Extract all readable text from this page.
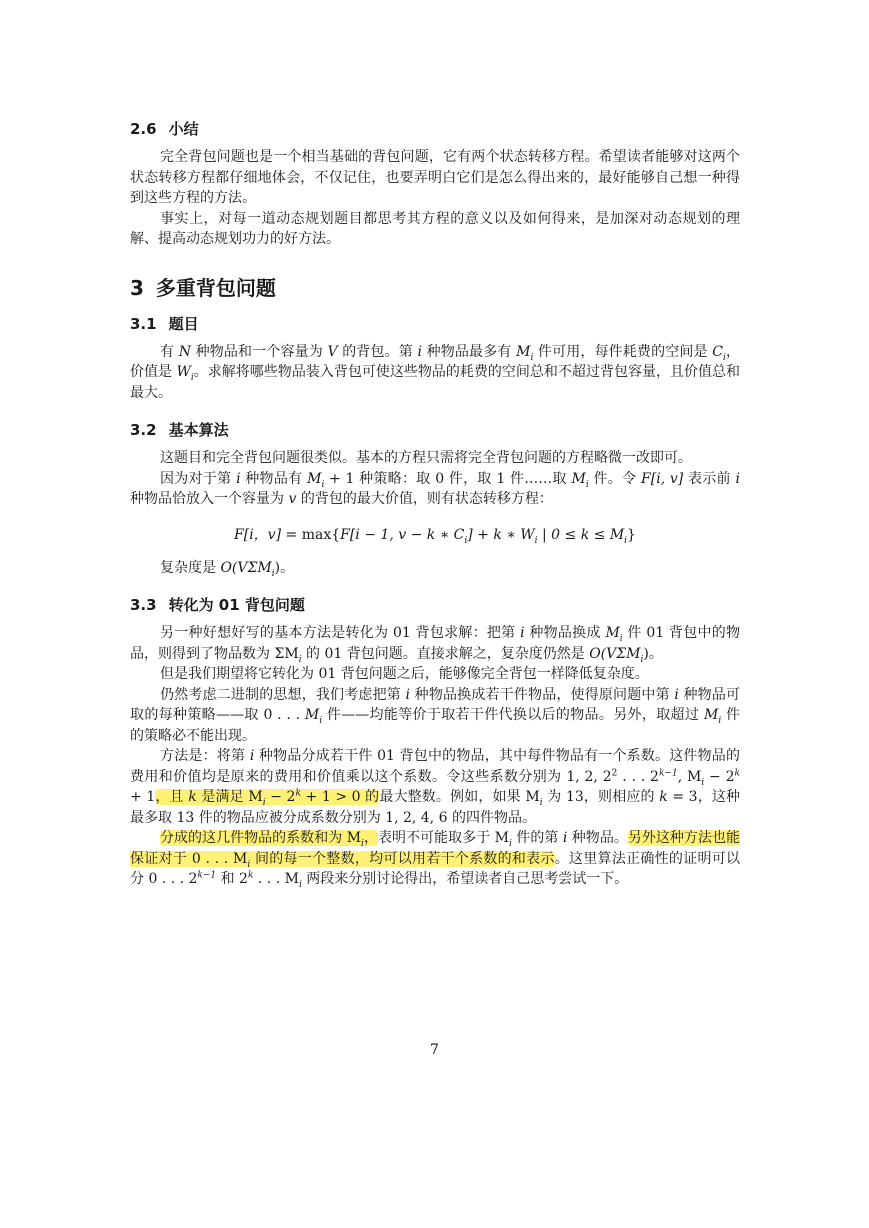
2.6 小结

完全背包问题也是一个相当基础的背包问题，它有两个状态转移方程。希望读者能够对这两个状态转移方程都仔细地体会，不仅记住，也要弄明白它们是怎么得出来的，最好能够自己想一种得到这些方程的方法。

事实上，对每一道动态规划题目都思考其方程的意义以及如何得来，是加深对动态规划的理解、提高动态规划功力的好方法。

3 多重背包问题
3.1 题目

有 N 种物品和一个容量为 V 的背包。第 i 种物品最多有 $M_i$ 件可用，每件耗费的空间是 $C_i$，价值是 $W_i$。求解将哪些物品装入背包可使这些物品的耗费的空间总和不超过背包容量，且价值总和最大。

3.2 基本算法

这题目和完全背包问题很类似。基本的方程只需将完全背包问题的方程略微一改即可。

因为对于第 i 种物品有 $M_i + 1$ 种策略：取 0 件，取 1 件……取 $M_i$ 件。令 F[i, v] 表示前 i 种物品恰放入一个容量为 v 的背包的最大价值，则有状态转移方程：

F[i，v] = max{F[i − 1, v − k ∗ $C_i] + k$ ∗ $W_i$ | $0 \le k \le M_i$}

复杂度是 $O(V\Sigma M_i)$。

3.3 转化为 01 背包问题

另一种好想好写的基本方法是转化为 01 背包求解：把第 i 种物品换成 $M_i$ 件 01 背包中的物品，则得到了物品数为 $\Sigma M_i$ 的 01 背包问题。直接求解之，复杂度仍然是 $O(V\Sigma M_i)$。

但是我们期望将它转化为 01 背包问题之后，能够像完全背包一样降低复杂度。

仍然考虑二进制的思想，我们考虑把第 i 种物品换成若干件物品，使得原问题中第 i 种物品可取的每种策略——取 0 . . . $M_i$ 件——均能等价于取若干件代换以后的物品。另外，取超过 $M_i$ 件的策略必不能出现。

方法是：将第 i 种物品分成若干件 01 背包中的物品，其中每件物品有一个系数。这件物品的费用和价值均是原来的费用和价值乘以这个系数。令这些系数分别为 1, 2, $2^2$ . . . $2^{k-1}$, $M_i - 2^k + 1$，且 k 是满足 $M_i - 2^k + 1 > 0$ 的最大整数。例如，如果 $M_i$ 为 13，则相应的 k = 3，这种最多取 13 件的物品应被分成系数分别为 1, 2, 4, 6 的四件物品。

分成的这几件物品的系数和为 $M_i$，表明不可能取多于 $M_i$ 件的第 i 种物品。另外这种方法也能保证对于 0 . . . $M_i$ 间的每一个整数，均可以用若干个系数的和表示。这里算法正确性的证明可以分 0 . . . $2^{k-1}$ 和 2$^k$ . . . $M_i$ 两段来分别讨论得出，希望读者自己思考尝试一下。

7
